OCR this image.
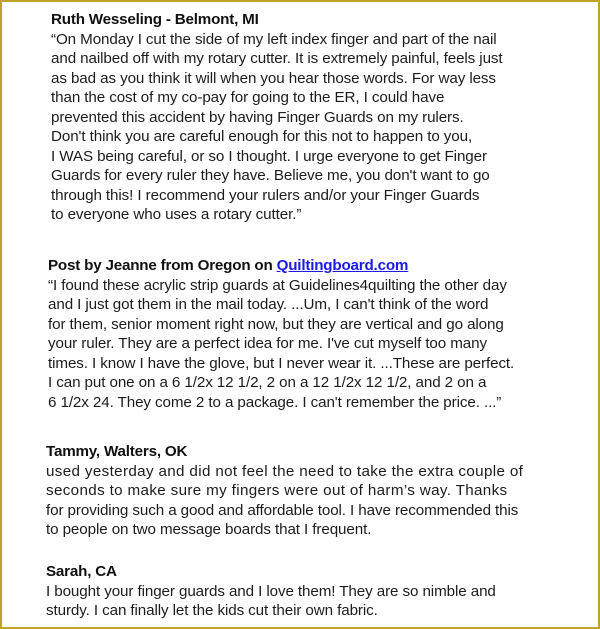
Ruth Wesseling - Belmont, MI
“On Monday I cut the side of my left index finger and part of the nail
and nailbed off with my rotary cutter. It is extremely painful, feels just
as bad as you think it will when you hear those words. For way less
than the cost of my co-pay for going to the ER, I could have
prevented this accident by having Finger Guards on my rulers.
Don't think you are careful enough for this not to happen to you,
I WAS being careful, or so I thought. I urge everyone to get Finger
Guards for every ruler they have. Believe me, you don't want to go
through this! I recommend your rulers and/or your Finger Guards
to everyone who uses a rotary cutter.”
Post by Jeanne from Oregon on Quiltingboard.com
“I found these acrylic strip guards at Guidelines4quilting the other day
and I just got them in the mail today. ...Um, I can't think of the word
for them, senior moment right now, but they are vertical and go along
your ruler. They are a perfect idea for me. I've cut myself too many
times. I know I have the glove, but I never wear it. ...These are perfect.
I can put one on a 6 1/2x 12 1/2, 2 on a 12 1/2x 12 1/2, and 2 on a
6 1/2x 24. They come 2 to a package. I can't remember the price. ...”
Tammy, Walters, OK
used yesterday and did not feel the need to take the extra couple of
seconds to make sure my fingers were out of harm’s way. Thanks
for providing such a good and affordable tool. I have recommended this
to people on two message boards that I frequent.
Sarah, CA
I bought your finger guards and I love them! They are so nimble and
sturdy. I can finally let the kids cut their own fabric.
